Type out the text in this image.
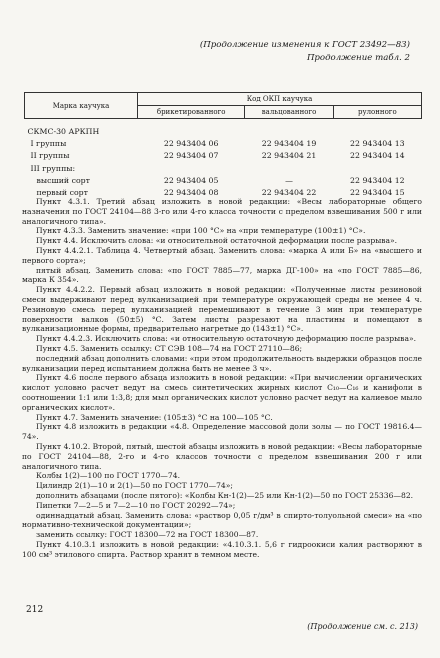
(Продолжение изменения к ГОСТ 23492—83)
Продолжение табл. 2
Марка каучука	Код ОКП каучука		
	брикетированного	вальцованного	рулонного
СКМС-30 АРКПН			
I группы	22 943404 06	22 943404 19	22 943404 13
II группы	22 943404 07	22 943404 21	22 943404 14
III группы:			
высший сорт	22 943404 05	—	22 943404 12
первый сорт	22 943404 08	22 943404 22	22 943404 15

Пункт 4.3.1. Третий абзац изложить в новой редакции: «Весы лабораторные общего назначения по ГОСТ 24104—88 3-го или 4-го класса точности с пределом взвешивания 500 г или аналогичного типа».

Пункт 4.3.3. Заменить значение: «при 100 °С» на «при температуре (100±1) °С».

Пункт 4.4. Исключить слова: «и относительной остаточной деформации после разрыва».

Пункт 4.4.2.1. Таблица 4. Четвертый абзац. Заменить слова: «марка А или Б» на «высшего и первого сорта»;

пятый абзац. Заменить слова: «по ГОСТ 7885—77, марка ДГ-100» на «по ГОСТ 7885—86, марка К 354».

Пункт 4.4.2.2. Первый абзац изложить в новой редакции: «Полученные листы резиновой смеси выдерживают перед вулканизацией при температуре окружающей среды не менее 4 ч. Резиновую смесь перед вулканизацией перемешивают в течение 3 мин при температуре поверхности валков (50±5) °С. Затем листы разрезают на пластины и помещают в вулканизационные формы, предварительно нагретые до (143±1) °С».

Пункт 4.4.2.3. Исключить слова: «и относительную остаточную деформацию после разрыва».

Пункт 4.5. Заменить ссылку: СТ СЭВ 108—74 на ГОСТ 27110—86;

последний абзац дополнить словами: «при этом продолжительность выдержки образцов после вулканизации перед испытанием должна быть не менее 3 ч».

Пункт 4.6 после первого абзаца изложить в новой редакции: «При вычислении органических кислот условно расчет ведут на смесь синтетических жирных кислот С₁₀—С₁₆ и канифоли в соотношении 1:1 или 1:3,8; для мыл органических кислот условно расчет ведут на калиевое мыло органических кислот».

Пункт 4.7. Заменить значение: (105±3) °С на 100—105 °С.

Пункт 4.8 изложить в редакции «4.8. Определение массовой доли золы — по ГОСТ 19816.4—74».

Пункт 4.10.2. Второй, пятый, шестой абзацы изложить в новой редакции: «Весы лабораторные по ГОСТ 24104—88, 2-го и 4-го классов точности с пределом взвешивания 200 г или аналогичного типа.

Колбы 1(2)—100 по ГОСТ 1770—74.

Цилиндр 2(1)—10 и 2(1)—50 по ГОСТ 1770—74»;

дополнить абзацами (после пятого): «Колбы Кн-1(2)—25 или Кн-1(2)—50 по ГОСТ 25336—82.

Пипетки 7—2—5 и 7—2—10 по ГОСТ 20292—74»;

одиннадцатый абзац. Заменить слова: «раствор 0,05 г/дм³ в спирто-толуольной смеси» на «по нормативно-технической документации»;

заменить ссылку: ГОСТ 18300—72 на ГОСТ 18300—87.

Пункт 4.10.3.1 изложить в новой редакции: «4.10.3.1. 5,6 г гидроокиси калия растворяют в 100 см³ этилового спирта. Раствор хранят в темном месте.

212
(Продолжение см. с. 213)
